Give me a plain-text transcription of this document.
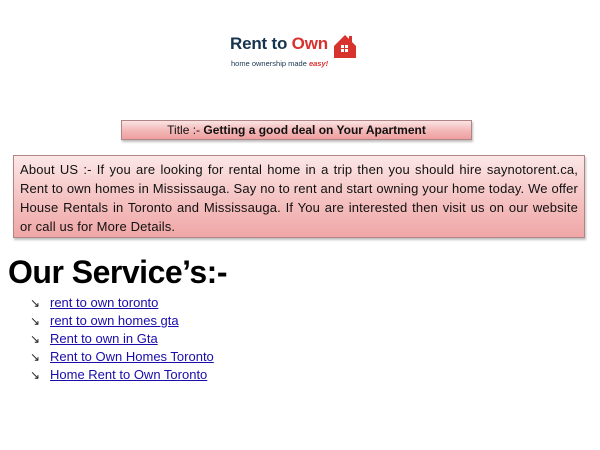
Rent to Own
home ownership made easy!
Title :- Getting a good deal on Your Apartment
About US :- If you are looking for rental home in a trip then you should hire saynotorent.ca, Rent to own homes in Mississauga. Say no to rent and start owning your home today. We offer House Rentals in Toronto and Mississauga. If You are interested then visit us on our website or call us for More Details.
Our Service’s:-
↘ rent to own toronto
↘ rent to own homes gta
↘ Rent to own in Gta
↘ Rent to Own Homes Toronto
↘ Home Rent to Own Toronto
